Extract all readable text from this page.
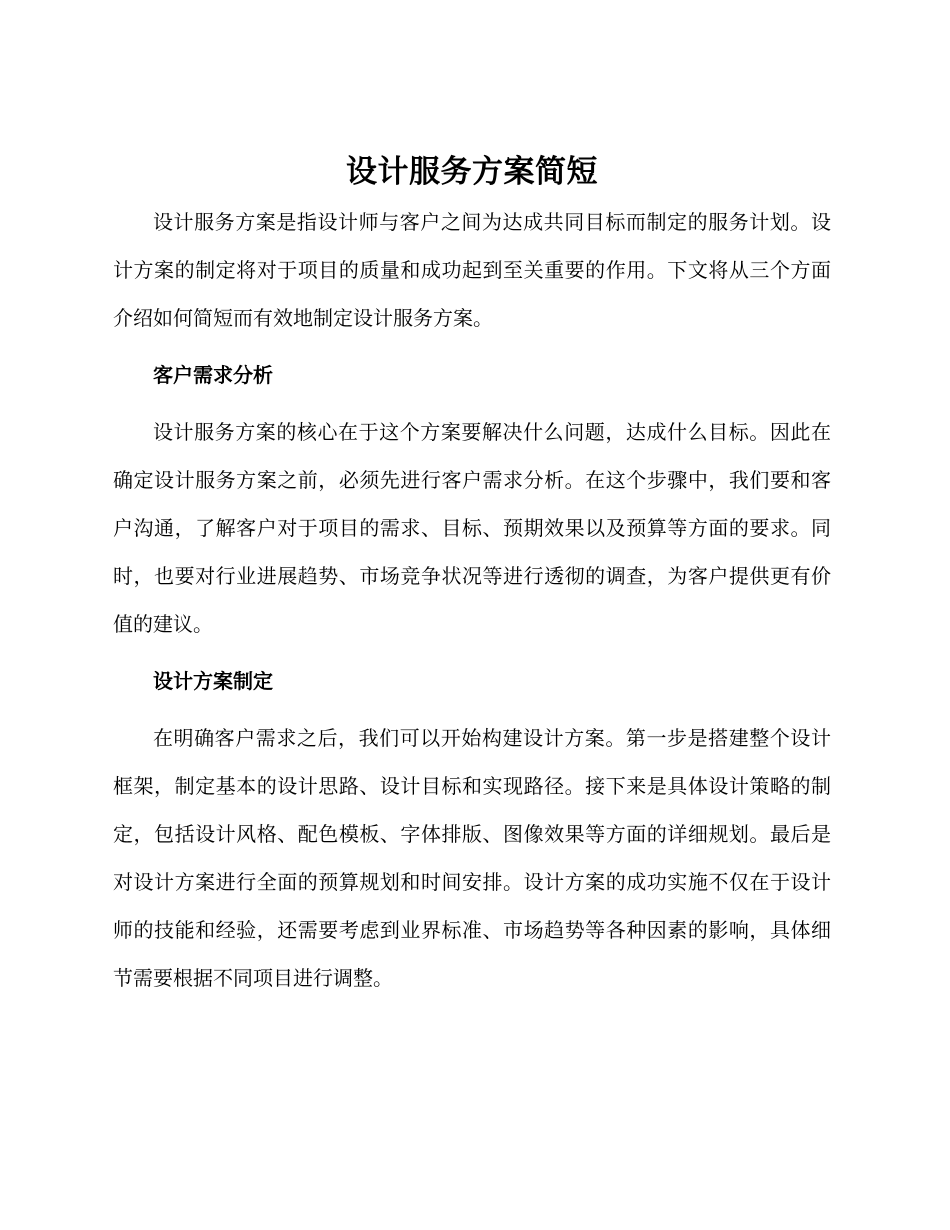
设计服务方案简短

设计服务方案是指设计师与客户之间为达成共同目标而制定的服务计划。设计方案的制定将对于项目的质量和成功起到至关重要的作用。下文将从三个方面介绍如何简短而有效地制定设计服务方案。

客户需求分析

设计服务方案的核心在于这个方案要解决什么问题，达成什么目标。因此在确定设计服务方案之前，必须先进行客户需求分析。在这个步骤中，我们要和客户沟通，了解客户对于项目的需求、目标、预期效果以及预算等方面的要求。同时，也要对行业进展趋势、市场竞争状况等进行透彻的调查，为客户提供更有价值的建议。

设计方案制定

在明确客户需求之后，我们可以开始构建设计方案。第一步是搭建整个设计框架，制定基本的设计思路、设计目标和实现路径。接下来是具体设计策略的制定，包括设计风格、配色模板、字体排版、图像效果等方面的详细规划。最后是对设计方案进行全面的预算规划和时间安排。设计方案的成功实施不仅在于设计师的技能和经验，还需要考虑到业界标准、市场趋势等各种因素的影响，具体细节需要根据不同项目进行调整。
